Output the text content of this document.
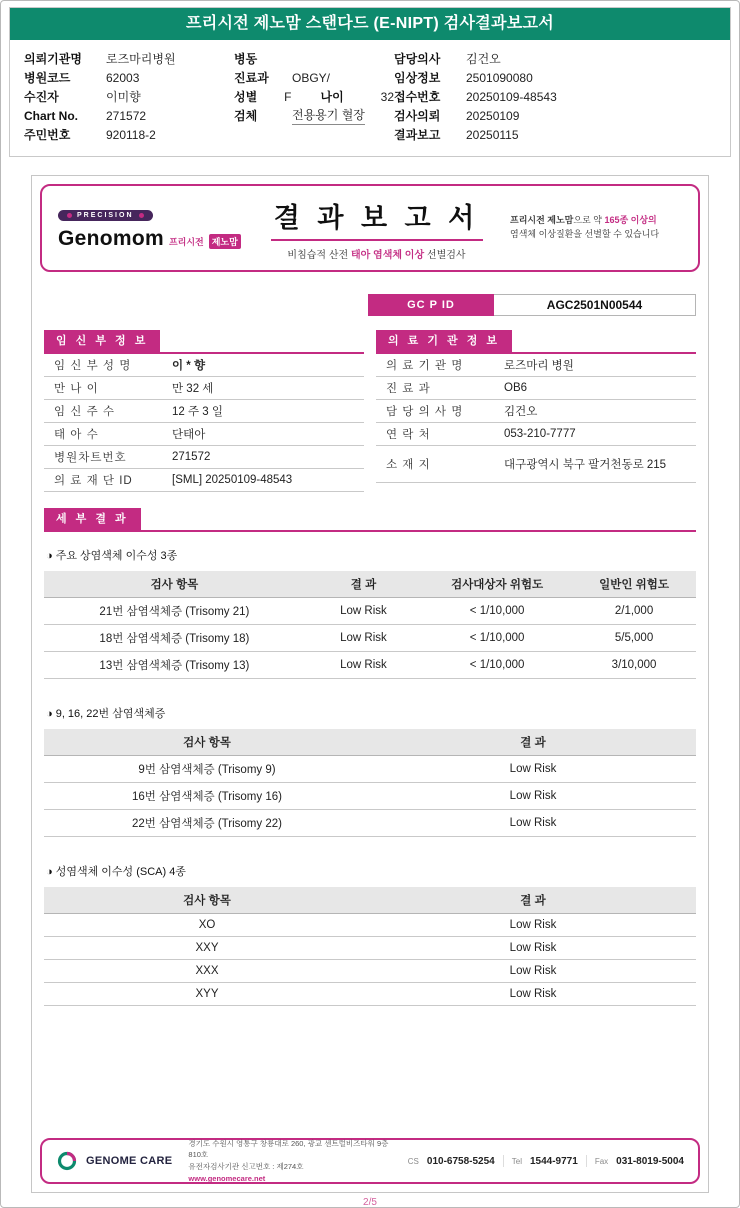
프리시전 제노맘 스탠다드 (E-NIPT) 검사결과보고서
의뢰기관명	로즈마리병원
병원코드	62003
수진자	이미향
Chart No.	271572
주민번호	920118-2
병동
진료과	OBGY/
성별	F	나이	32
검체	전용용기 혈장
담당의사	김건오
임상정보	2501090080
접수번호	20250109-48543
검사의뢰	20250109
결과보고	20250115
PRECISION
Genomom 프리시전 제노맘
결 과 보 고 서
비침습적 산전 태아 염색체 이상 선별검사
프리시전 제노맘으로 약 165종 이상의
염색체 이상질환을 선별할 수 있습니다
GC P ID	AGC2501N00544
임 신 부 정 보
임 신 부 성 명	이 * 향
만 나 이	만 32 세
임 신 주 수	12 주 3 일
태 아 수	단태아
병원차트번호	271572
의 료 재 단 ID	[SML] 20250109-48543
의 료 기 관 정 보
의 료 기 관 명	로즈마리 병원
진 료 과	OB6
담 당 의 사 명	김건오
연 락 처	053-210-7777
소 재 지	대구광역시 북구 팔거천동로 215
세 부 결 과
◑ 주요 상염색체 이수성 3종
검사 항목	결 과	검사대상자 위험도	일반인 위험도
21번 삼염색체증 (Trisomy 21)	Low Risk	< 1/10,000	2/1,000
18번 삼염색체증 (Trisomy 18)	Low Risk	< 1/10,000	5/5,000
13번 삼염색체증 (Trisomy 13)	Low Risk	< 1/10,000	3/10,000
◑ 9, 16, 22번 삼염색체증
검사 항목	결 과
9번 삼염색체증 (Trisomy 9)	Low Risk
16번 삼염색체증 (Trisomy 16)	Low Risk
22번 삼염색체증 (Trisomy 22)	Low Risk
◑ 성염색체 이수성 (SCA) 4종
검사 항목	결 과
XO	Low Risk
XXY	Low Risk
XXX	Low Risk
XYY	Low Risk
GENOME CARE
경기도 수원시 영통구 창룡대로 260, 광교 센트럴비즈타워 9층 810호
유전자검사기관 신고번호 : 제274호
www.genomecare.net
CS 010-6758-5254 Tel 1544-9771 Fax 031-8019-5004
2/5
